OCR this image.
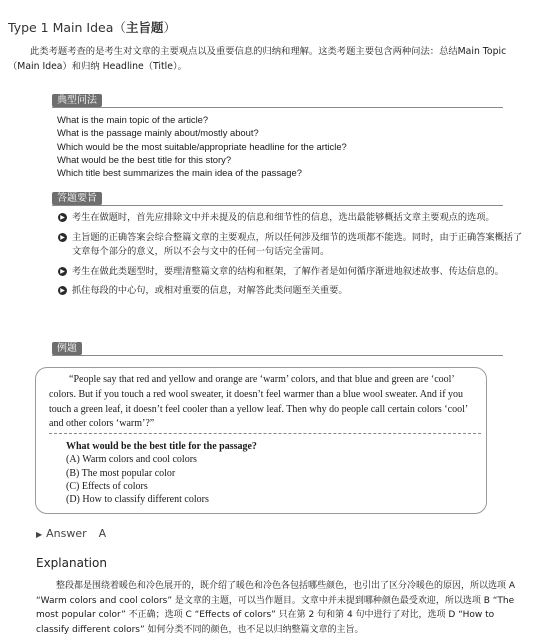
Type 1 Main Idea（主旨题）
此类考题考查的是考生对文章的主要观点以及重要信息的归纳和理解。这类考题主要包含两种问法：总结Main Topic（Main Idea）和归纳 Headline（Title）。
典型问法
What is the main topic of the article?
What is the passage mainly about/mostly about?
Which would be the most suitable/appropriate headline for the article?
What would be the best title for this story?
Which title best summarizes the main idea of the passage?
答题要旨
▶ 考生在做题时，首先应排除文中并未提及的信息和细节性的信息，选出最能够概括文章主要观点的选项。
▶ 主旨题的正确答案会综合整篇文章的主要观点，所以任何涉及细节的选项都不能选。同时，由于正确答案概括了文章每个部分的意义，所以不会与文中的任何一句话完全雷同。
▶ 考生在做此类题型时，要理清整篇文章的结构和框架，了解作者是如何循序渐进地叙述故事、传达信息的。
▶ 抓住每段的中心句，或相对重要的信息，对解答此类问题至关重要。
例题
“People say that red and yellow and orange are ‘warm’ colors, and that blue and green are ‘cool’ colors. But if you touch a red wool sweater, it doesn’t feel warmer than a blue wool sweater. And if you touch a green leaf, it doesn’t feel cooler than a yellow leaf. Then why do people call certain colors ‘cool’ and other colors ‘warm’?”
What would be the best title for the passage?
(A) Warm colors and cool colors
(B) The most popular color
(C) Effects of colors
(D) How to classify different colors
▶ Answer A
Explanation
整段都是围绕着暖色和冷色展开的，既介绍了暖色和冷色各包括哪些颜色，也引出了区分冷暖色的原因，所以选项 A “Warm colors and cool colors” 是文章的主题，可以当作题目。文章中并未提到哪种颜色最受欢迎，所以选项 B “The most popular color” 不正确；选项 C “Effects of colors” 只在第 2 句和第 4 句中进行了对比，选项 D “How to classify different colors” 如何分类不同的颜色，也不足以归纳整篇文章的主旨。
